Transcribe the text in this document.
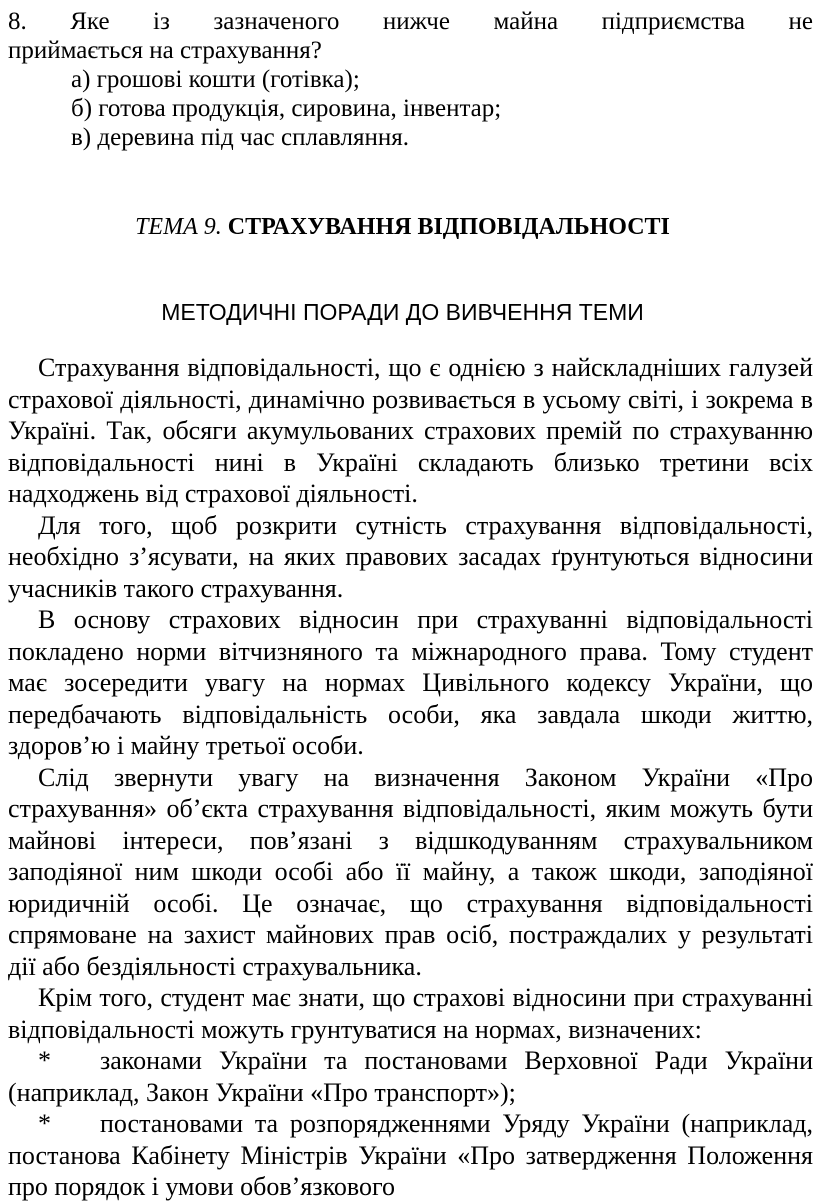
8. Яке із зазначеного нижче майна підприємства не

приймається на страхування?

а) грошові кошти (готівка);

б) готова продукція, сировина, інвентар;

в) деревина під час сплавляння.

ТЕМА 9. СТРАХУВАННЯ ВІДПОВІДАЛЬНОСТІ
МЕТОДИЧНІ ПОРАДИ ДО ВИВЧЕННЯ ТЕМИ

Страхування відповідальності, що є однією з найскладніших галузей страхової діяльності, динамічно розвивається в усьому світі, і зокрема в Україні. Так, обсяги акумульованих страхових премій по страхуванню відповідальності нині в Україні складають близько третини всіх надходжень від страхової діяльності.

Для того, щоб розкрити сутність страхування відповідальності, необхідно з’ясувати, на яких правових засадах ґрунтуються відносини учасників такого страхування.

В основу страхових відносин при страхуванні відповідальності покладено норми вітчизняного та міжнародного права. Тому студент має зосередити увагу на нормах Цивільного кодексу України, що передбачають відповідальність особи, яка завдала шкоди життю, здоров’ю і майну третьої особи.

Слід звернути увагу на визначення Законом України «Про страхування» об’єкта страхування відповідальності, яким можуть бути майнові інтереси, пов’язані з відшкодуванням страхувальником заподіяної ним шкоди особі або її майну, а також шкоди, заподіяної юридичній особі. Це означає, що страхування відповідальності спрямоване на захист майнових прав осіб, постраждалих у результаті дії або бездіяльності страхувальника.

Крім того, студент має знати, що страхові відносини при страхуванні відповідальності можуть грунтуватися на нормах, визначених:

* законами України та постановами Верховної Ради України (наприклад, Закон України «Про транспорт»);

* постановами та розпорядженнями Уряду України (наприклад, постанова Кабінету Міністрів України «Про затвердження Положення про порядок і умови обов’язкового
